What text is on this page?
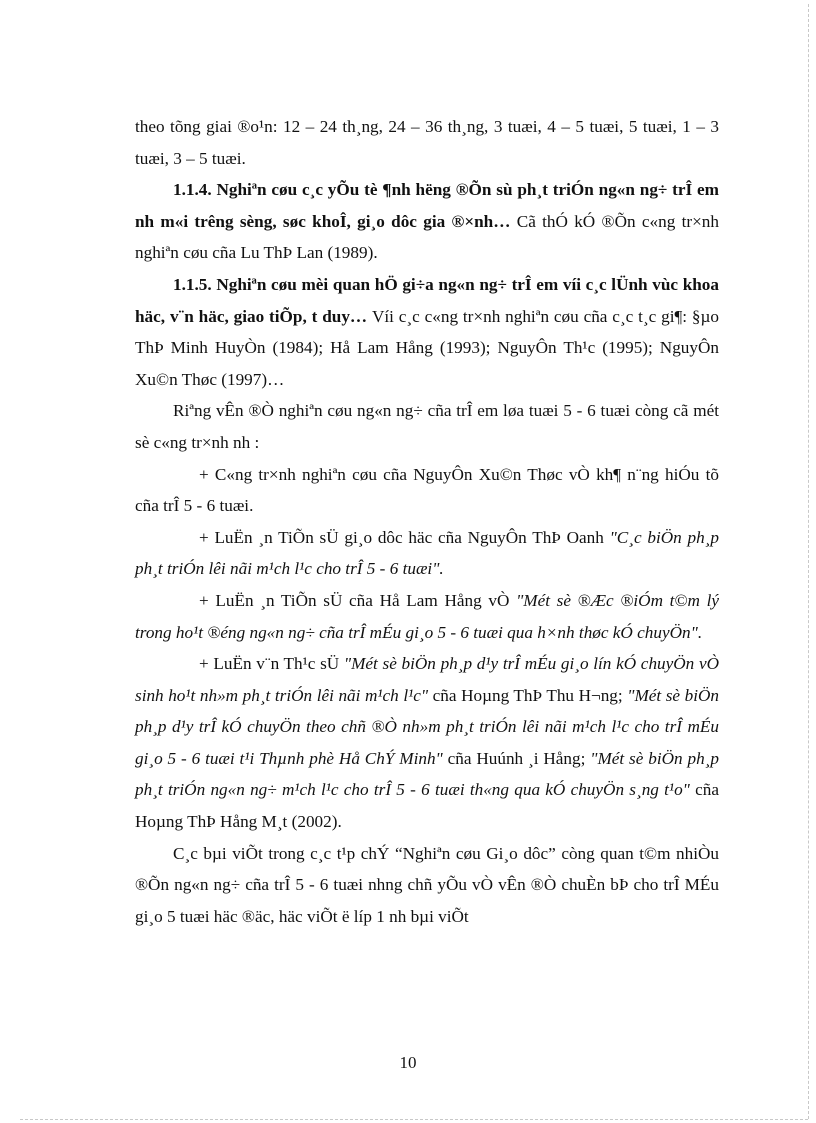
theo tõng giai ®o¹n: 12 – 24 th¸ng, 24 – 36 th¸ng, 3 tuæi, 4 – 5 tuæi, 5 tuæi, 1 – 3 tuæi, 3 – 5 tuæi.

1.1.4. Nghiªn cøu c¸c yÕu tè ¶nh hëng ®Õn sù ph¸t triÓn ng«n ng÷ trÎ em nh m«i trêng sèng, søc khoÎ, gi¸o dôc gia ®×nh… Cã thÓ kÓ ®Õn c«ng tr×nh nghiªn cøu cña Lu ThÞ Lan (1989).

1.1.5. Nghiªn cøu mèi quan hÖ gi÷a ng«n ng÷ trÎ em víi c¸c lÜnh vùc khoa häc, v¨n häc, giao tiÕp, t duy… Víi c¸c c«ng tr×nh nghiªn cøu cña c¸c t¸c gi¶: §µo ThÞ Minh HuyÒn (1984); Hå Lam Hång (1993); NguyÔn Th¹c (1995); NguyÔn Xu©n Thøc (1997)…

Riªng vÊn ®Ò nghiªn cøu ng«n ng÷ cña trÎ em løa tuæi 5 - 6 tuæi còng cã mét sè c«ng tr×nh nh :

+ C«ng tr×nh nghiªn cøu cña NguyÔn Xu©n Thøc vÒ kh¶ n¨ng hiÓu tõ cña trÎ 5 - 6 tuæi.

+ LuËn ¸n TiÕn sÜ gi¸o dôc häc cña NguyÔn ThÞ Oanh "C¸c biÖn ph¸p ph¸t triÓn lêi nãi m¹ch l¹c cho trÎ 5 - 6 tuæi".

+ LuËn ¸n TiÕn sÜ cña Hå Lam Hång vÒ "Mét sè ®Æc ®iÓm t©m lý trong ho¹t ®éng ng«n ng÷ cña trÎ mÉu gi¸o 5 - 6 tuæi qua h×nh thøc kÓ chuyÖn".

+ LuËn v¨n Th¹c sÜ "Mét sè biÖn ph¸p d¹y trÎ mÉu gi¸o lín kÓ chuyÖn vÒ sinh ho¹t nh»m ph¸t triÓn lêi nãi m¹ch l¹c" cña Hoµng ThÞ Thu H¬ng; "Mét sè biÖn ph¸p d¹y trÎ kÓ chuyÖn theo chñ ®Ò nh»m ph¸t triÓn lêi nãi m¹ch l¹c cho trÎ mÉu gi¸o 5 - 6 tuæi t¹i Thµnh phè Hå ChÝ Minh" cña Huúnh ¸i Hång; "Mét sè biÖn ph¸p ph¸t triÓn ng«n ng÷ m¹ch l¹c cho trÎ 5 - 6 tuæi th«ng qua kÓ chuyÖn s¸ng t¹o" cña Hoµng ThÞ Hång M¸t (2002).

C¸c bµi viÕt trong c¸c t¹p chÝ “Nghiªn cøu Gi¸o dôc” còng quan t©m nhiÒu ®Õn ng«n ng÷ cña trÎ 5 - 6 tuæi nhng chñ yÕu vÒ vÊn ®Ò chuÈn bÞ cho trÎ MÉu gi¸o 5 tuæi häc ®äc, häc viÕt ë líp 1 nh bµi viÕt

10
